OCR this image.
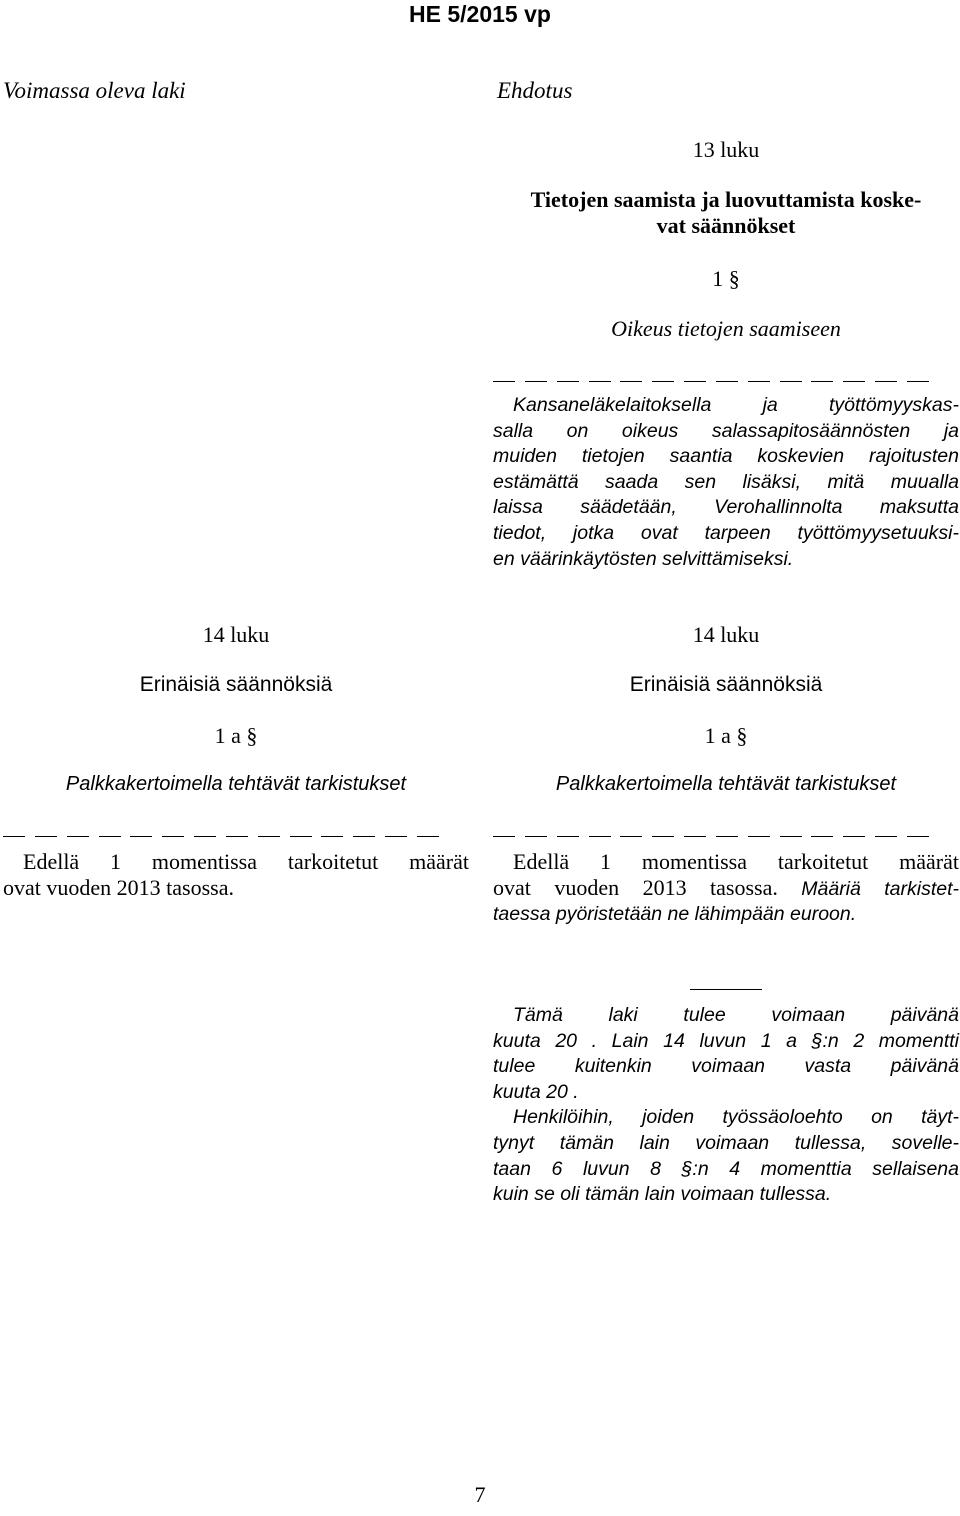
HE 5/2015 vp
Voimassa oleva laki	Ehdotus
13 luku
Tietojen saamista ja luovuttamista koske-
vat säännökset
1 §
Oikeus tietojen saamiseen
Kansaneläkelaitoksella ja työttömyyskas-
salla on oikeus salassapitosäännösten ja
muiden tietojen saantia koskevien rajoitusten
estämättä saada sen lisäksi, mitä muualla
laissa säädetään, Verohallinnolta maksutta
tiedot, jotka ovat tarpeen työttömyysetuuksi-
en väärinkäytösten selvittämiseksi.
14 luku
Erinäisiä säännöksiä
1 a §
Palkkakertoimella tehtävät tarkistukset
Edellä 1 momentissa tarkoitetut määrät
ovat vuoden 2013 tasossa.
14 luku
Erinäisiä säännöksiä
1 a §
Palkkakertoimella tehtävät tarkistukset
Edellä 1 momentissa tarkoitetut määrät
ovat vuoden 2013 tasossa. Määriä tarkistet-
taessa pyöristetään ne lähimpään euroon.
Tämä laki tulee voimaan päivänä
kuuta 20 . Lain 14 luvun 1 a §:n 2 momentti
tulee kuitenkin voimaan vasta päivänä
kuuta 20 .
Henkilöihin, joiden työssäoloehto on täyt-
tynyt tämän lain voimaan tullessa, sovelle-
taan 6 luvun 8 §:n 4 momenttia sellaisena
kuin se oli tämän lain voimaan tullessa.
7
